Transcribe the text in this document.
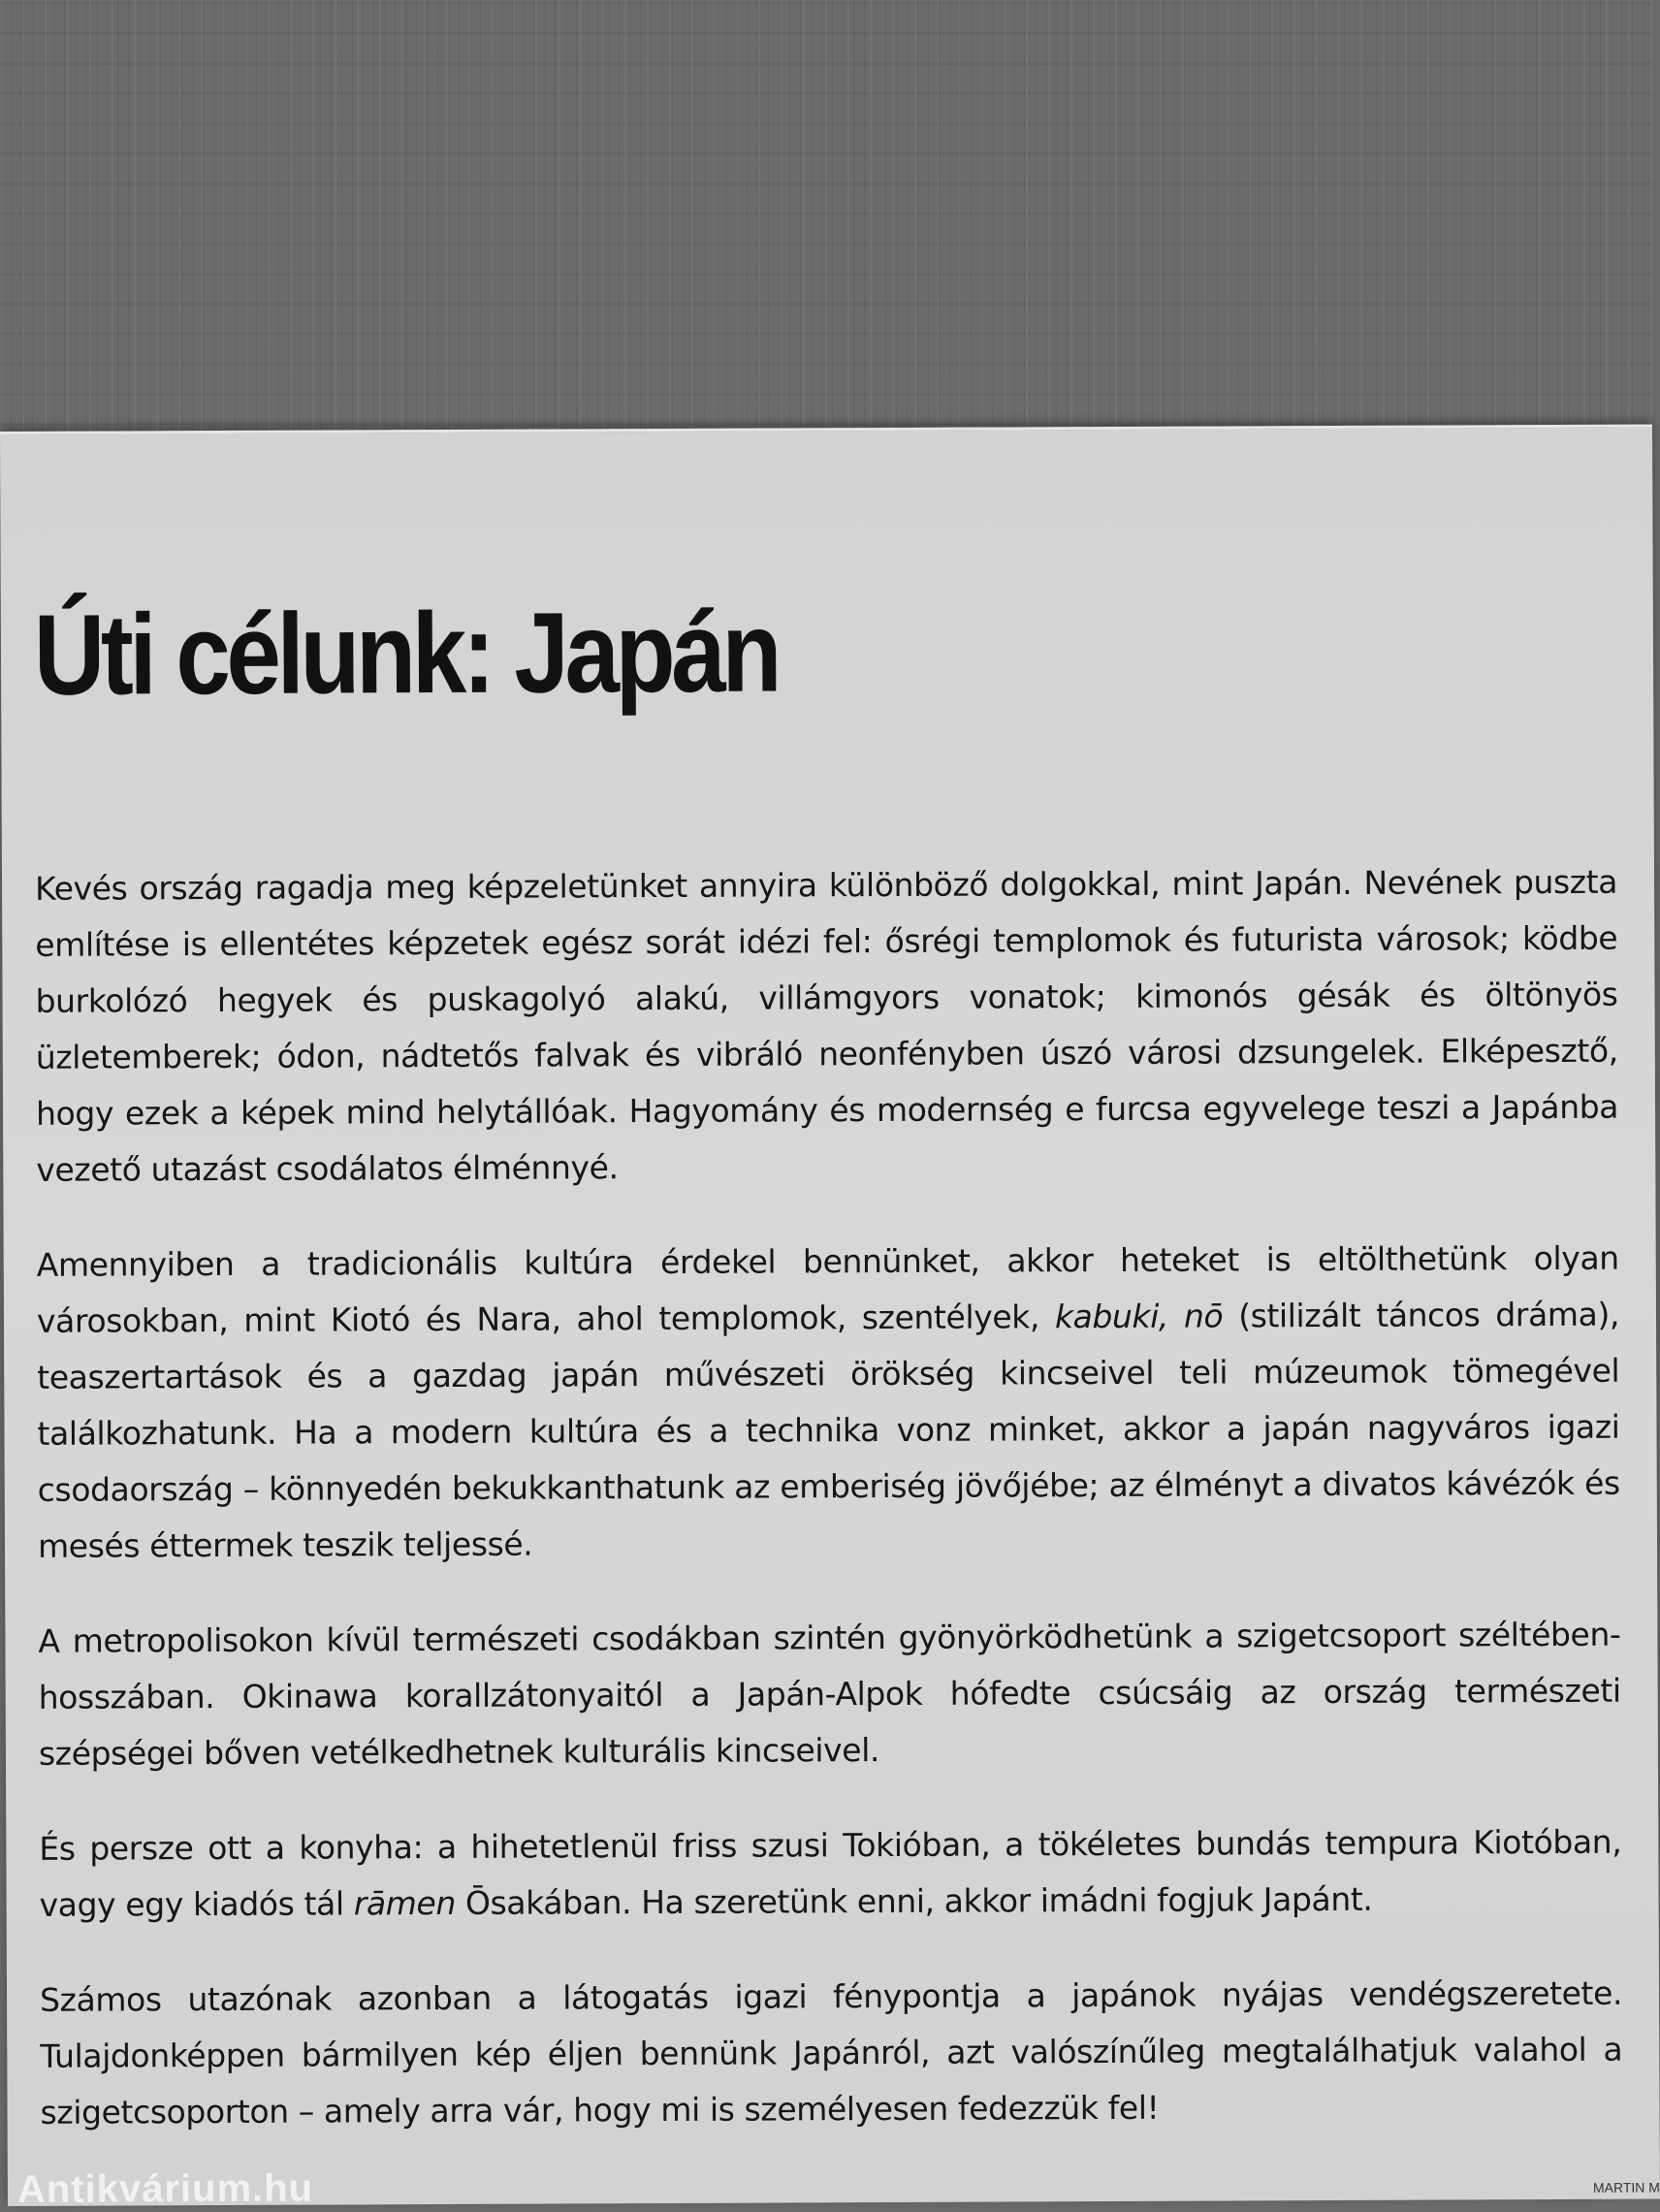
Úti célunk: Japán

Kevés ország ragadja meg képzeletünket annyira különböző dolgokkal, mint Japán. Nevének puszta említése is ellentétes képzetek egész sorát idézi fel: ősrégi templomok és futurista városok; ködbe burkolózó hegyek és puskagolyó alakú, villámgyors vonatok; kimonós gésák és öltönyös üzletemberek; ódon, nádtetős falvak és vibráló neonfényben úszó városi dzsungelek. Elképesztő, hogy ezek a képek mind helytállóak. Hagyomány és modernség e furcsa egyvelege teszi a Japánba vezető utazást csodálatos élménnyé.

Amennyiben a tradicionális kultúra érdekel bennünket, akkor heteket is eltölthetünk olyan városokban, mint Kiotó és Nara, ahol templomok, szentélyek, kabuki, nō (stilizált táncos dráma), teaszertartások és a gazdag japán művészeti örökség kincseivel teli múzeumok tömegével találkozhatunk. Ha a modern kultúra és a technika vonz minket, akkor a japán nagyváros igazi csodaország – könnyedén bekukkanthatunk az emberiség jövőjébe; az élményt a divatos kávézók és mesés éttermek teszik teljessé.

A metropolisokon kívül természeti csodákban szintén gyönyörködhetünk a szigetcsoport széltében-hosszában. Okinawa korallzátonyaitól a Japán-Alpok hófedte csúcsáig az ország természeti szépségei bőven vetélkedhetnek kulturális kincseivel.

És persze ott a konyha: a hihetetlenül friss szusi Tokióban, a tökéletes bundás tempura Kiotóban, vagy egy kiadós tál rāmen Ōsakában. Ha szeretünk enni, akkor imádni fogjuk Japánt.

Számos utazónak azonban a látogatás igazi fénypontja a japánok nyájas vendégszeretete. Tulajdonképpen bármilyen kép éljen bennünk Japánról, azt valószínűleg megtalálhatjuk valahol a szigetcsoporton – amely arra vár, hogy mi is személyesen fedezzük fel!

Antikvárium.hu	MARTIN M
